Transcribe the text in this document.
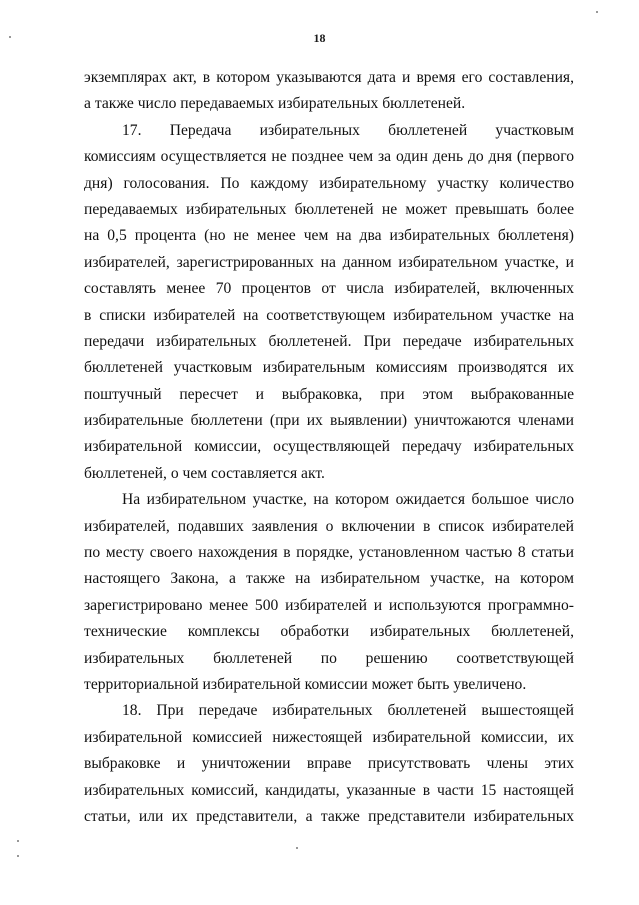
18
экземплярах акт, в котором указываются дата и время его составления,
а также число передаваемых избирательных бюллетеней.
17. Передача избирательных бюллетеней участковым
комиссиям осуществляется не позднее чем за один день до дня (первого
дня) голосования. По каждому избирательному участку количество
передаваемых избирательных бюллетеней не может превышать более
на 0,5 процента (но не менее чем на два избирательных бюллетеня)
избирателей, зарегистрированных на данном избирательном участке, и
составлять менее 70 процентов от числа избирателей, включенных
в списки избирателей на соответствующем избирательном участке на
передачи избирательных бюллетеней. При передаче избирательных
бюллетеней участковым избирательным комиссиям производятся их
поштучный пересчет и выбраковка, при этом выбракованные
избирательные бюллетени (при их выявлении) уничтожаются членами
избирательной комиссии, осуществляющей передачу избирательных
бюллетеней, о чем составляется акт.
На избирательном участке, на котором ожидается большое число
избирателей, подавших заявления о включении в список избирателей
по месту своего нахождения в порядке, установленном частью 8 статьи
настоящего Закона, а также на избирательном участке, на котором
зарегистрировано менее 500 избирателей и используются программно-
технические комплексы обработки избирательных бюллетеней,
избирательных бюллетеней по решению соответствующей
территориальной избирательной комиссии может быть увеличено.
18. При передаче избирательных бюллетеней вышестоящей
избирательной комиссией нижестоящей избирательной комиссии, их
выбраковке и уничтожении вправе присутствовать члены этих
избирательных комиссий, кандидаты, указанные в части 15 настоящей
статьи, или их представители, а также представители избирательных
